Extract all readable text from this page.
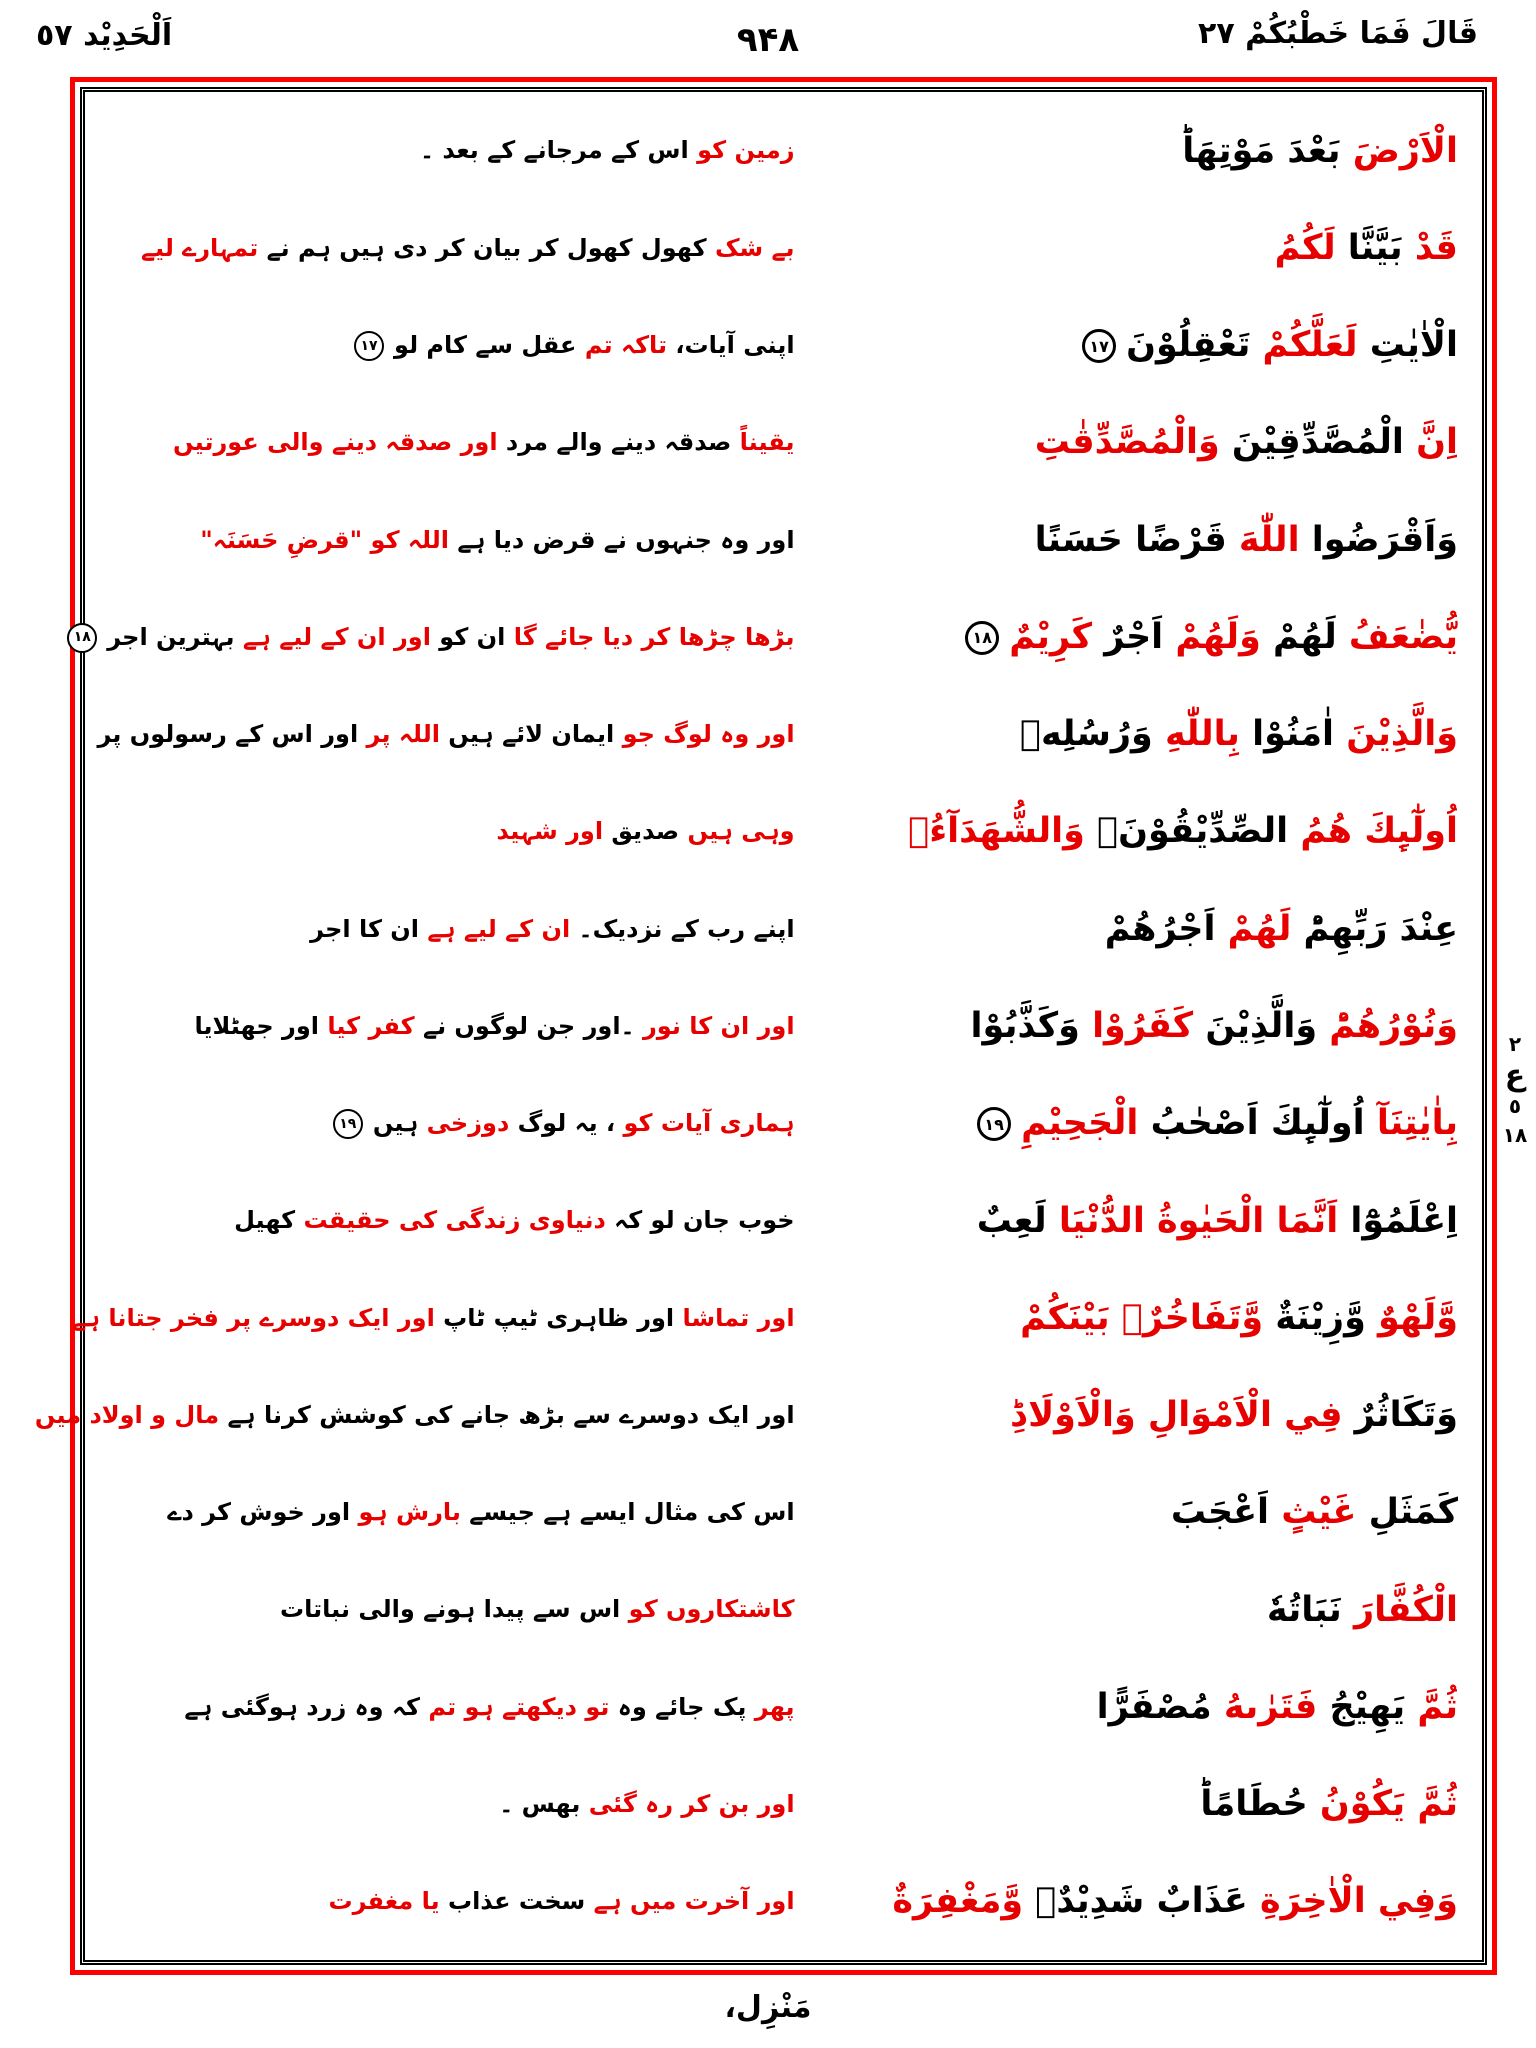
اَلْحَدِيْد ٥٧	۹۴۸	قَالَ فَمَا خَطْبُكُمْ ٢٧
زمین کو اس کے مرجانے کے بعد ۔	الْاَرْضَ بَعْدَ مَوْتِهَاؕ
بے شک کھول کھول کر بیان کر دی ہیں ہم نے تمہارے لیے	قَدْ بَيَّنَّا لَكُمُ
اپنی آیات، تاکہ تم عقل سے کام لو١٧	الْاٰيٰتِ لَعَلَّكُمْ تَعْقِلُوْنَ١٧
یقیناً صدقہ دینے والے مرد اور صدقہ دینے والی عورتیں	اِنَّ الْمُصَّدِّقِيْنَ وَالْمُصَّدِّقٰتِ
اور وہ جنہوں نے قرض دیا ہے اللہ کو "قرضِ حَسَنَہ"	وَاَقْرَضُوا اللّٰهَ قَرْضًا حَسَنًا
بڑھا چڑھا کر دیا جائے گا ان کو اور ان کے لیے ہے بہترین اجر١٨	يُّضٰعَفُ لَهُمْ وَلَهُمْ اَجْرٌ كَرِيْمٌ١٨
اور وہ لوگ جو ایمان لائے ہیں اللہ پر اور اس کے رسولوں پر	وَالَّذِيْنَ اٰمَنُوْا بِاللّٰهِ وَرُسُلِهٖ
وہی ہیں صدیق اور شہید	اُولٰٓىِٕكَ هُمُ الصِّدِّيْقُوْنَۖ وَالشُّهَدَآءُۙ
اپنے رب کے نزدیک۔ ان کے لیے ہے ان کا اجر	عِنْدَ رَبِّهِمْؕ لَهُمْ اَجْرُهُمْ
اور ان کا نور ۔اور جن لوگوں نے کفر کیا اور جھٹلایا	وَنُوْرُهُمْؕ وَالَّذِيْنَ كَفَرُوْا وَكَذَّبُوْا
ہماری آیات کو ، یہ لوگ دوزخی ہیں١٩	بِاٰيٰتِنَآ اُولٰٓىِٕكَ اَصْحٰبُ الْجَحِيْمِ١٩
خوب جان لو کہ دنیاوی زندگی کی حقیقت کھیل	اِعْلَمُوْٓا اَنَّمَا الْحَيٰوةُ الدُّنْيَا لَعِبٌ
اور تماشا اور ظاہری ٹیپ ٹاپ اور ایک دوسرے پر فخر جتانا ہے	وَّلَهْوٌ وَّزِيْنَةٌ وَّتَفَاخُرٌۢ بَيْنَكُمْ
اور ایک دوسرے سے بڑھ جانے کی کوشش کرنا ہے مال و اولاد میں	وَتَكَاثُرٌ فِي الْاَمْوَالِ وَالْاَوْلَادِؕ
اس کی مثال ایسے ہے جیسے بارش ہو اور خوش کر دے	كَمَثَلِ غَيْثٍ اَعْجَبَ
کاشتکاروں کو اس سے پیدا ہونے والی نباتات	الْكُفَّارَ نَبَاتُهٗ
پھر پک جائے وہ تو دیکھتے ہو تم کہ وہ زرد ہوگئی ہے	ثُمَّ يَهِيْجُ فَتَرٰىهُ مُصْفَرًّا
اور بن کر رہ گئی بھس ۔	ثُمَّ يَكُوْنُ حُطَامًاؕ
اور آخرت میں ہے سخت عذاب یا مغفرت	وَفِي الْاٰخِرَةِ عَذَابٌ شَدِيْدٌۙ وَّمَغْفِرَةٌ
٢
ع
٥
١٨
مَنْزِل،
